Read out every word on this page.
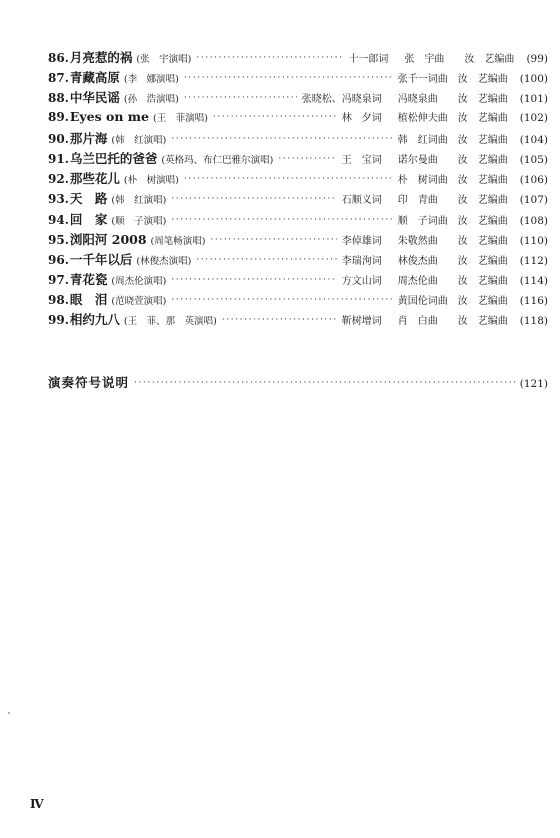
86. 月亮惹的祸 (张　宇演唱) ·····	十一郎词	张　宇曲	汝　艺编曲	(99)
87. 青藏高原 (李　娜演唱) ·····	张千一词曲	汝　艺编曲	(100)
88. 中华民谣 (孙　浩演唱) ·····	张晓松、冯晓泉词	冯晓泉曲	汝　艺编曲	(101)
89. Eyes on me (王　菲演唱) ·····	林　夕词	植松伸夫曲	汝　艺编曲	(102)
90. 那片海 (韩　红演唱) ·····	韩　红词曲	汝　艺编曲	(104)
91. 乌兰巴托的爸爸 (英格玛、布仁巴雅尔演唱) ·····	王　宝词	诺尔曼曲	汝　艺编曲	(105)
92. 那些花儿 (朴　树演唱) ·····	朴　树词曲	汝　艺编曲	(106)
93. 天　路 (韩　红演唱) ·····	石顺义词	印　青曲	汝　艺编曲	(107)
94. 回　家 (顺　子演唱) ·····	顺　子词曲	汝　艺编曲	(108)
95. 浏阳河 2008 (周笔畅演唱) ·····	李倬雄词	朱敬然曲	汝　艺编曲	(110)
96. 一千年以后 (林俊杰演唱) ·····	李瑞洵词	林俊杰曲	汝　艺编曲	(112)
97. 青花瓷 (周杰伦演唱) ·····	方文山词	周杰伦曲	汝　艺编曲	(114)
98. 眼　泪 (范晓萱演唱) ·····	黄国伦词曲	汝　艺编曲	(116)
99. 相约九八 (王　菲、那　英演唱) ·····	靳树增词	肖　白曲	汝　艺编曲	(118)
演奏符号说明 ·····	(121)
Ⅳ
